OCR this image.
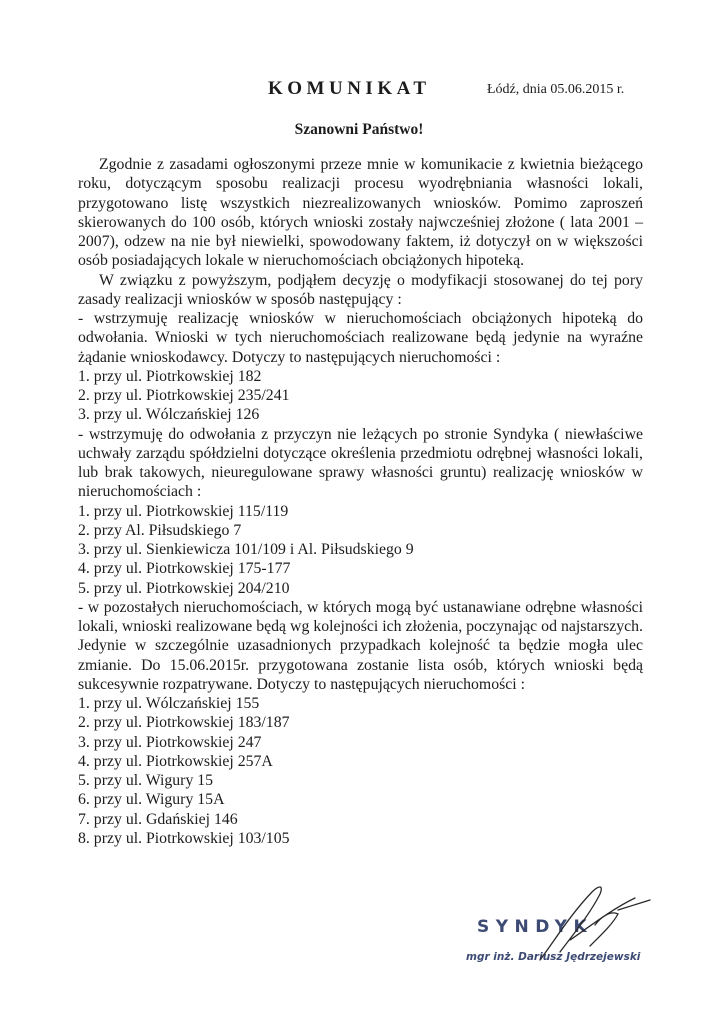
KOMUNIKAT	Łódź, dnia 05.06.2015 r.
Szanowni Państwo!

Zgodnie z zasadami ogłoszonymi przeze mnie w komunikacie z kwietnia bieżącego roku, dotyczącym sposobu realizacji procesu wyodrębniania własności lokali, przygotowano listę wszystkich niezrealizowanych wniosków. Pomimo zaproszeń skierowanych do 100 osób, których wnioski zostały najwcześniej złożone ( lata 2001 – 2007), odzew na nie był niewielki, spowodowany faktem, iż dotyczył on w większości osób posiadających lokale w nieruchomościach obciążonych hipoteką.

W związku z powyższym, podjąłem decyzję o modyfikacji stosowanej do tej pory zasady realizacji wniosków w sposób następujący :

- wstrzymuję realizację wniosków w nieruchomościach obciążonych hipoteką do odwołania. Wnioski w tych nieruchomościach realizowane będą jedynie na wyraźne żądanie wnioskodawcy. Dotyczy to następujących nieruchomości :

1. przy ul. Piotrkowskiej 182

2. przy ul. Piotrkowskiej 235/241

3. przy ul. Wólczańskiej 126

- wstrzymuję do odwołania z przyczyn nie leżących po stronie Syndyka ( niewłaściwe uchwały zarządu spółdzielni dotyczące określenia przedmiotu odrębnej własności lokali, lub brak takowych, nieuregulowane sprawy własności gruntu) realizację wniosków w nieruchomościach :

1. przy ul. Piotrkowskiej 115/119

2. przy Al. Piłsudskiego 7

3. przy ul. Sienkiewicza 101/109 i Al. Piłsudskiego 9

4. przy ul. Piotrkowskiej 175-177

5. przy ul. Piotrkowskiej 204/210

- w pozostałych nieruchomościach, w których mogą być ustanawiane odrębne własności lokali, wnioski realizowane będą wg kolejności ich złożenia, poczynając od najstarszych. Jedynie w szczególnie uzasadnionych przypadkach kolejność ta będzie mogła ulec zmianie. Do 15.06.2015r. przygotowana zostanie lista osób, których wnioski będą sukcesywnie rozpatrywane. Dotyczy to następujących nieruchomości :

1. przy ul. Wólczańskiej 155

2. przy ul. Piotrkowskiej 183/187

3. przy ul. Piotrkowskiej 247

4. przy ul. Piotrkowskiej 257A

5. przy ul. Wigury 15

6. przy ul. Wigury 15A

7. przy ul. Gdańskiej 146

8. przy ul. Piotrkowskiej 103/105

SYNDYK
mgr inż. Dariusz Jędrzejewski
